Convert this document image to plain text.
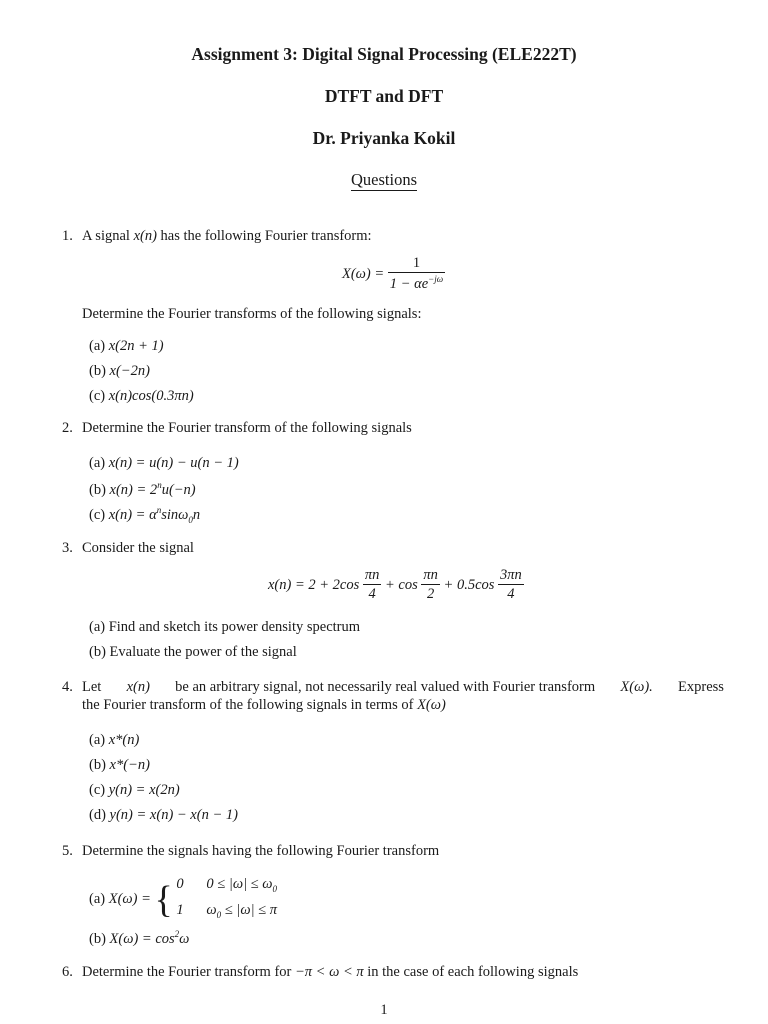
Assignment 3: Digital Signal Processing (ELE222T)
DTFT and DFT
Dr. Priyanka Kokil
Questions
1. A signal x(n) has the following Fourier transform:
$X(\omega) = \frac{1}{1 - \alpha e^{-j\omega}}$
Determine the Fourier transforms of the following signals:
(a) x(2n + 1)
(b) x(−2n)
(c) x(n)cos(0.3πn)
2. Determine the Fourier transform of the following signals
(a) x(n) = u(n) − u(n − 1)
(b) $x(n) = 2^nu(-n)$
(c) $x(n) = \alpha^n\sin\omega_0n$
3. Consider the signal
$x(n) = 2 + 2\cos \frac{\pi n}{4} + \cos \frac{\pi n}{2} + 0.5\cos \frac{3\pi n}{4}$
(a) Find and sketch its power density spectrum
(b) Evaluate the power of the signal
4. Let x(n) be an arbitrary signal, not necessarily real valued with Fourier transform X(ω). Express
the Fourier transform of the following signals in terms of X(ω)
(a) x*(n)
(b) x*(−n)
(c) y(n) = x(2n)
(d) y(n) = x(n) − x(n − 1)
5. Determine the signals having the following Fourier transform
(a) X(ω) = { 0 $0 \le |\omega| \le \omega_0$
1 $\omega_0 \le |\omega| \le \pi$
(b) $X(\omega) = \cos^2\omega$
6. Determine the Fourier transform for −π < ω < π in the case of each following signals
1
